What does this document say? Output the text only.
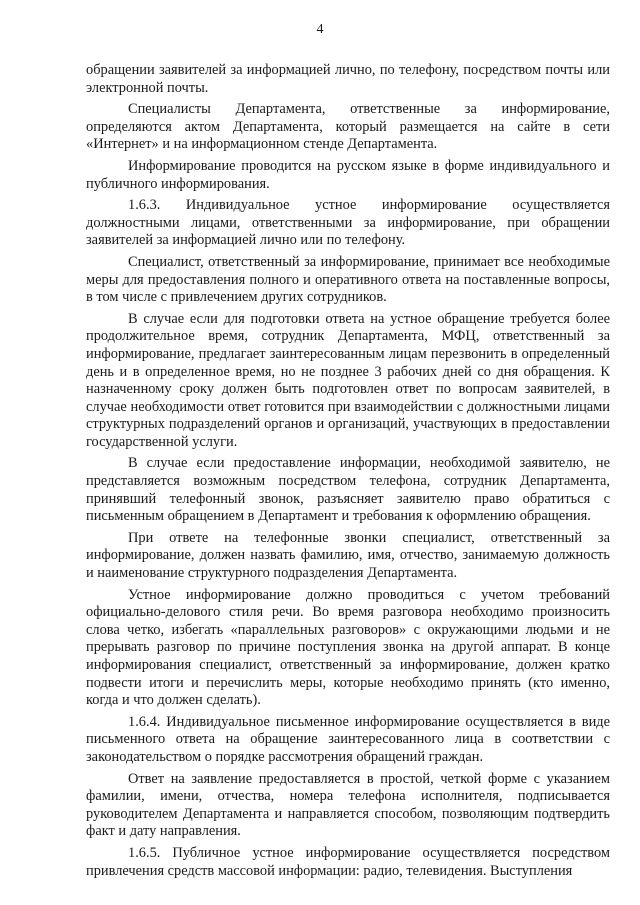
4

обращении заявителей за информацией лично, по телефону, посредством почты или электронной почты.

Специалисты Департамента, ответственные за информирование, определяются актом Департамента, который размещается на сайте в сети «Интернет» и на информационном стенде Департамента.

Информирование проводится на русском языке в форме индивидуального и публичного информирования.

1.6.3. Индивидуальное устное информирование осуществляется должностными лицами, ответственными за информирование, при обращении заявителей за информацией лично или по телефону.

Специалист, ответственный за информирование, принимает все необходимые меры для предоставления полного и оперативного ответа на поставленные вопросы, в том числе с привлечением других сотрудников.

В случае если для подготовки ответа на устное обращение требуется более продолжительное время, сотрудник Департамента, МФЦ, ответственный за информирование, предлагает заинтересованным лицам перезвонить в определенный день и в определенное время, но не позднее 3 рабочих дней со дня обращения. К назначенному сроку должен быть подготовлен ответ по вопросам заявителей, в случае необходимости ответ готовится при взаимодействии с должностными лицами структурных подразделений органов и организаций, участвующих в предоставлении государственной услуги.

В случае если предоставление информации, необходимой заявителю, не представляется возможным посредством телефона, сотрудник Департамента, принявший телефонный звонок, разъясняет заявителю право обратиться с письменным обращением в Департамент и требования к оформлению обращения.

При ответе на телефонные звонки специалист, ответственный за информирование, должен назвать фамилию, имя, отчество, занимаемую должность и наименование структурного подразделения Департамента.

Устное информирование должно проводиться с учетом требований официально-делового стиля речи. Во время разговора необходимо произносить слова четко, избегать «параллельных разговоров» с окружающими людьми и не прерывать разговор по причине поступления звонка на другой аппарат. В конце информирования специалист, ответственный за информирование, должен кратко подвести итоги и перечислить меры, которые необходимо принять (кто именно, когда и что должен сделать).

1.6.4. Индивидуальное письменное информирование осуществляется в виде письменного ответа на обращение заинтересованного лица в соответствии с законодательством о порядке рассмотрения обращений граждан.

Ответ на заявление предоставляется в простой, четкой форме с указанием фамилии, имени, отчества, номера телефона исполнителя, подписывается руководителем Департамента и направляется способом, позволяющим подтвердить факт и дату направления.

1.6.5. Публичное устное информирование осуществляется посредством привлечения средств массовой информации: радио, телевидения. Выступления
